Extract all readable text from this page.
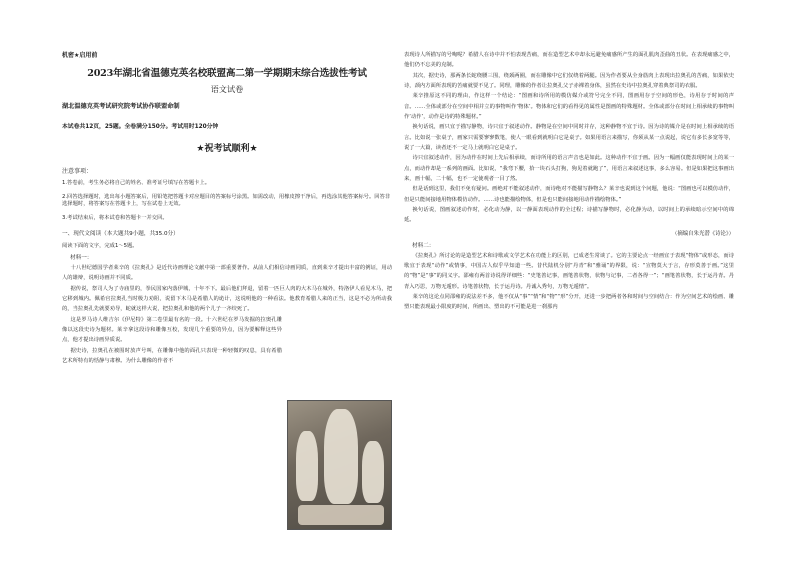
机密★启用前
2023年湖北省温德克英名校联盟高二第一学期期末综合选拔性考试
语文试卷
湖北温德克英考试研究院考试协作联盟命制
本试卷共12页，25题。全卷满分150分。考试用时120分钟
★祝考试顺利★
注意事项：

1.答卷前，考生务必将自己的姓名、准考证号填写在答题卡上。

2.回答选择题时，选出每小题答案后，用铅笔把答题卡对应题目的答案标号涂黑。如需改动，用橡皮擦干净后，再选涂其他答案标号。回答非选择题时，将答案写在答题卡上，写在试卷上无效。

3.考试结束后，将本试卷和答题卡一并交回。

一、现代文阅读（本大题共9小题，共35.0分）
阅读下面的文字，完成1～5题。
材料一：
十八世纪德国学者莱辛的《拉奥孔》是近代诗画理论文献中第一部重要著作。从前人们相信诗画同质，直到莱辛才提出丰富的例证，用动人的雄辩，说明诗画并不同质。
据传说，祭司人为了寺庙里的，拳民国家内落伊城，十年不下。最后他们拜退，留着一匹巨人肉的大木马在城外，特洛伊人看见木马，把它移到城内。佩希官拉奥孔当时极力劝阻，说留下木马是希腊人的诡计，这说明他的一种看法。他教育希腊人来的正当，这是不必为所动我的，当拉奥孔先就要劝导，蛇就这样大说，把拉奥孔和他的两个儿子一齐绞死了。
这是罗马诗人维吉尔《伊尼特》第二卷里最有名的一段。十六世纪在罗马发掘的拉奥孔雕像以这段史诗为题材。莱辛拿这段诗和雕像互校，发现几个重要的异点，因为要解释这些异点，他才提出诗画异质说。
据史诗，拉奥孔在被围时放声号叫，在雕像中他的面孔只表现一种轻微的叹息，具有希腊艺术所特有的恬静与肃穆。为什么雕像的作者不
表现诗人所描写的号啕呢？希腊人在诗中并不怕表现苦痛，而在造型艺术中却永远避免痛感所产生的面孔肌肉歪曲的丑状。在表现痛感之中，他们仍不忘美的克制。
其次，据史诗，那两条长蛇绕腰三围，绕颈两圈，而在雕像中它们仅绕着两腿。因为作者要从全身筋肉上表现出拉奥孔的苦痛，如果依史诗，颈内方面所表现的苦痛就要不见了。同理，雕像的作者让拉奥孔父子赤裸着身体，虽然在史诗中拉奥孔穿着典祭司的衣服。
莱辛推原这不同的理由，作这样一个结论：“图画和诗所用的模仿媒介或符号完全不同，图画用存于空间的形色，诗用存于时间的声音。……全体或部分在空间中相并立的事物叫作‘物体’。物体和它们的看得见的属性是图画的特殊题材。全体或部分在时间上相承续的事物叫作‘动作’，动作是诗的特殊题材。”
换句话说，画只宜于描写静物，诗只宜于叙述动作。静物是在空间中同时并存，这种静物不宜于诗。因为诗的媒介是在时间上相承续的语言。比如说一张桌子，画家只需要寥寥数笔，使人一眼看到就明白它是桌子。如果用语言来描写，你须从某一点说起，说它有多长多宽等等，说了一大篇，读者还不一定马上就明白它是桌子。
诗只宜叙述动作，因为动作在时间上先后相承续，而诗所用的语言声音也是如此。这种动作不宜于画。因为一幅画仅能表现时间上的某一点，而动作却是一系列的画面。比如说，“我弯下腰，拾一块石头打狗，狗见着就跑了”，用语言来叙述这事，多么容易。但是如果把这事画出来，画十幅，二十幅，也不一定使观者一目了然。
但是话到这里，我们不免有疑问。画绝对不能叙述动作，而诗绝对不能描写静物么？莱辛也说到这个问题，他说：“图画也可以模仿动作，但是只能间接地用物体模仿动作。……诗也能描绘物体，但是也只能间接地用动作描绘物体。”
换句话说，图画叙述动作时，必化动为静，以一静面表现动作的全过程；诗描写静物时，必化静为动，以时间上的承续暗示空间中的绵延。
（摘编自朱光潜《诗论》）
材料二：
《拉奥孔》所讨论的是造型艺术和诗歌或文学艺术在功能上的区别，已成老生常谈了。它的主要论点一经画宜于表现“物体”或形态，而诗歌宜于表现“动作”或情事，中国古人似乎早知道一些。昔代陆机分别“丹青”和“雅诵”的界限，说：“宣物莫大于言，存形莫善于画。”这里的“物”是“事”的同义字。邵雍有两首诗说得详细些：“史笔善记事，画笔善状物，状物与记事，二者各得一”；“画笔善状物，长于运丹青。丹青入巧思，万物无遁形。诗笔善状物，长于运丹诗。丹诚入秀句，万物无遁情”。
莱辛的这论点同邵雍的说法差不多，他不仅从“事”“情”和“物”“形”分开，还进一步把两者各和时间与空间结合：作为空间艺术的绘画、雕塑只能表现最小限度的时间，所画出、塑出的不可能是进一刹那内
